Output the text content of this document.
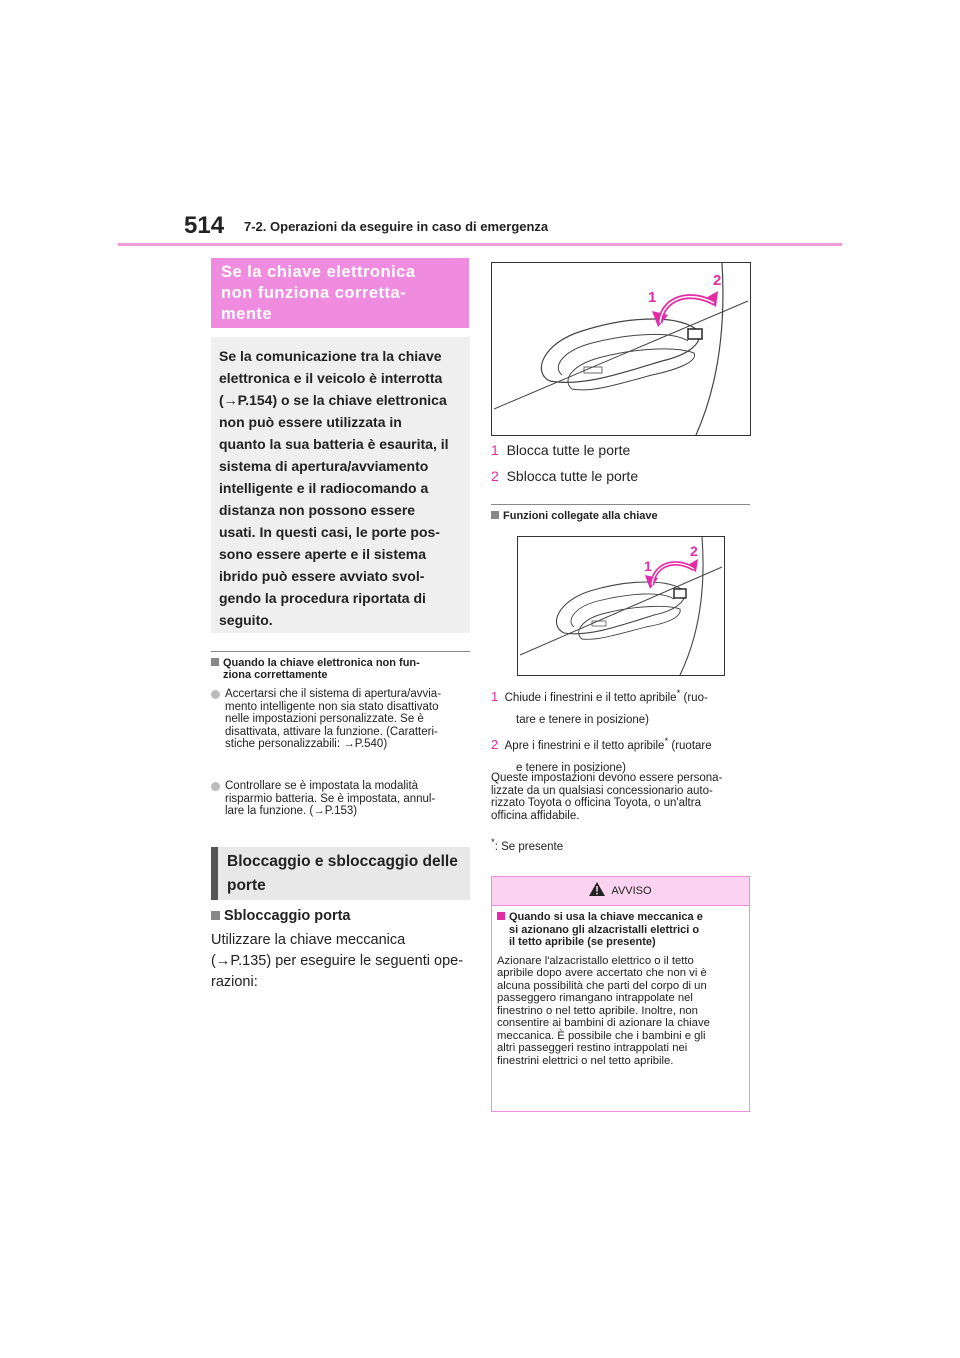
514 7-2. Operazioni da eseguire in caso di emergenza
Se la chiave elettronica
non funziona corretta-
mente
Se la comunicazione tra la chiave
elettronica e il veicolo è interrotta
(→P.154) o se la chiave elettronica
non può essere utilizzata in
quanto la sua batteria è esaurita, il
sistema di apertura/avviamento
intelligente e il radiocomando a
distanza non possono essere
usati. In questi casi, le porte pos-
sono essere aperte e il sistema
ibrido può essere avviato svol-
gendo la procedura riportata di
seguito.
Quando la chiave elettronica non fun-
ziona correttamente
Accertarsi che il sistema di apertura/avvia-
mento intelligente non sia stato disattivato
nelle impostazioni personalizzate. Se è
disattivata, attivare la funzione. (Caratteri-
stiche personalizzabili: →P.540)
Controllare se è impostata la modalità
risparmio batteria. Se è impostata, annul-
lare la funzione. (→P.153)
Bloccaggio e sbloccaggio delle
porte
Sbloccaggio porta
Utilizzare la chiave meccanica
(→P.135) per eseguire le seguenti ope-
razioni:
1
2
1 Blocca tutte le porte
2 Sblocca tutte le porte
Funzioni collegate alla chiave
1
2
1 Chiude i finestrini e il tetto apribile* (ruo-
tare e tenere in posizione)
2 Apre i finestrini e il tetto apribile* (ruotare
e tenere in posizione)
Queste impostazioni devono essere persona-
lizzate da un qualsiasi concessionario auto-
rizzato Toyota o officina Toyota, o un'altra
officina affidabile.
*: Se presente
AVVISO
Quando si usa la chiave meccanica e
si azionano gli alzacristalli elettrici o
il tetto apribile (se presente)
Azionare l'alzacristallo elettrico o il tetto
apribile dopo avere accertato che non vi è
alcuna possibilità che parti del corpo di un
passeggero rimangano intrappolate nel
finestrino o nel tetto apribile. Inoltre, non
consentire ai bambini di azionare la chiave
meccanica. È possibile che i bambini e gli
altri passeggeri restino intrappolati nei
finestrini elettrici o nel tetto apribile.
